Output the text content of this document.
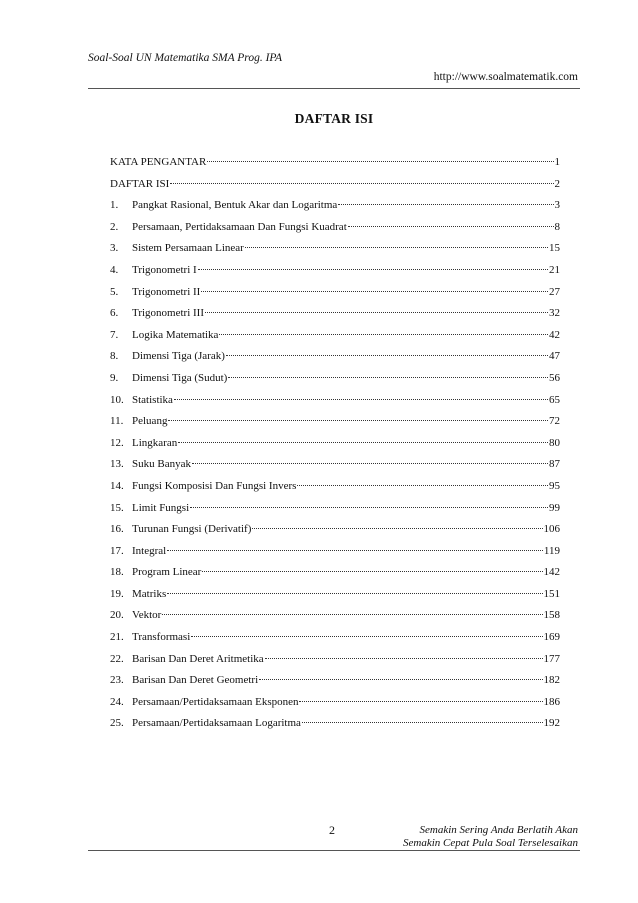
Soal-Soal UN Matematika SMA Prog. IPA
http://www.soalmatematik.com
DAFTAR ISI
KATA PENGANTAR	1
DAFTAR ISI	2
1.	Pangkat Rasional, Bentuk Akar dan Logaritma	3
2.	Persamaan, Pertidaksamaan Dan Fungsi Kuadrat	8
3.	Sistem Persamaan Linear	15
4.	Trigonometri I	21
5.	Trigonometri II	27
6.	Trigonometri III	32
7.	Logika Matematika	42
8.	Dimensi Tiga (Jarak)	47
9.	Dimensi Tiga (Sudut)	56
10. Statistika	65
11. Peluang	72
12. Lingkaran	80
13. Suku Banyak	87
14. Fungsi Komposisi Dan Fungsi Invers	95
15. Limit Fungsi	99
16. Turunan Fungsi (Derivatif)	106
17. Integral	119
18. Program Linear	142
19. Matriks	151
20. Vektor	158
21. Transformasi	169
22. Barisan Dan Deret Aritmetika	177
23. Barisan Dan Deret Geometri	182
24. Persamaan/Pertidaksamaan Eksponen	186
25. Persamaan/Pertidaksamaan Logaritma	192
2	Semakin Sering Anda Berlatih Akan
Semakin Cepat Pula Soal Terselesaikan
